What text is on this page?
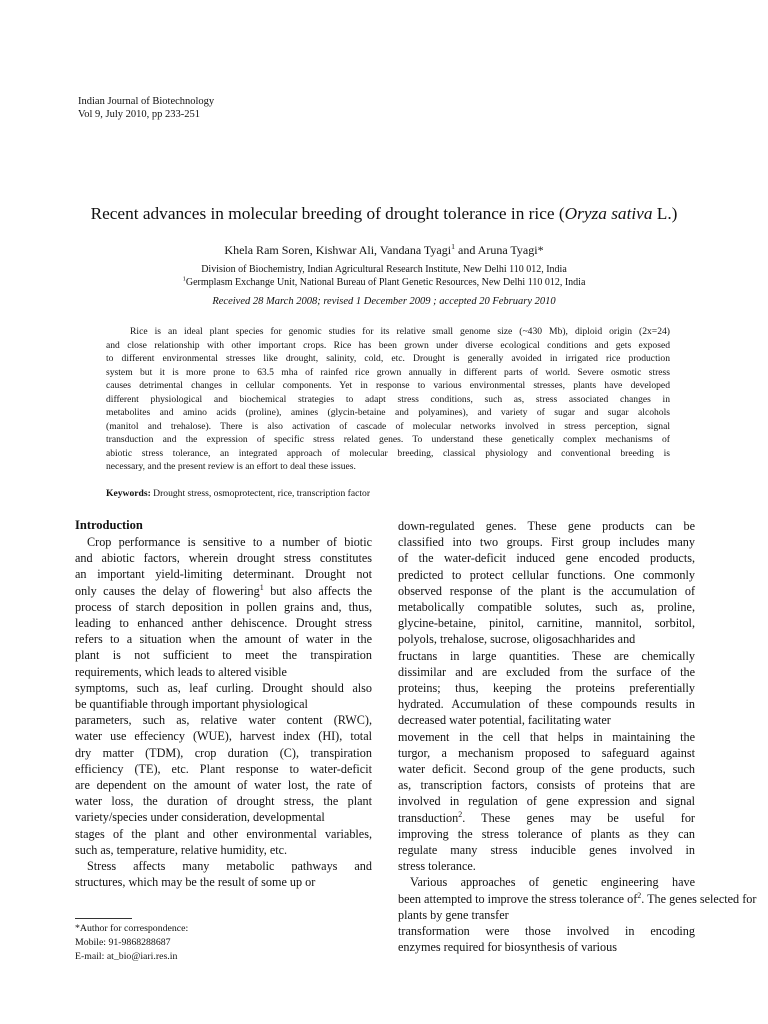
Indian Journal of Biotechnology
Vol 9, July 2010, pp 233-251
Recent advances in molecular breeding of drought tolerance in rice (Oryza sativa L.)
Khela Ram Soren, Kishwar Ali, Vandana Tyagi$^1$ and Aruna Tyagi*
Division of Biochemistry, Indian Agricultural Research Institute, New Delhi 110 012, India
$^1$Germplasm Exchange Unit, National Bureau of Plant Genetic Resources, New Delhi 110 012, India
Received 28 March 2008; revised 1 December 2009 ; accepted 20 February 2010
Rice is an ideal plant species for genomic studies for its relative small genome size (~430 Mb), diploid origin (2x=24)
and close relationship with other important crops. Rice has been grown under diverse ecological conditions and gets exposed
to different environmental stresses like drought, salinity, cold, etc. Drought is generally avoided in irrigated rice production
system but it is more prone to 63.5 mha of rainfed rice grown annually in different parts of world. Severe osmotic stress
causes detrimental changes in cellular components. Yet in response to various environmental stresses, plants have developed
different physiological and biochemical strategies to adapt stress conditions, such as, stress associated changes in
metabolites and amino acids (proline), amines (glycin-betaine and polyamines), and variety of sugar and sugar alcohols
(manitol and trehalose). There is also activation of cascade of molecular networks involved in stress perception, signal
transduction and the expression of specific stress related genes. To understand these genetically complex mechanisms of
abiotic stress tolerance, an integrated approach of molecular breeding, classical physiology and conventional breeding is
necessary, and the present review is an effort to deal these issues.
Keywords: Drought stress, osmoprotectent, rice, transcription factor
Introduction
Crop performance is sensitive to a number of biotic
and abiotic factors, wherein drought stress constitutes
an important yield-limiting determinant. Drought not
only causes the delay of flowering$^1$ but also affects the
process of starch deposition in pollen grains and, thus,
leading to enhanced anther dehiscence. Drought stress
refers to a situation when the amount of water in the
plant is not sufficient to meet the transpiration
requirements, which leads to altered visible
symptoms, such as, leaf curling. Drought should also
be quantifiable through important physiological
parameters, such as, relative water content (RWC),
water use effeciency (WUE), harvest index (HI), total
dry matter (TDM), crop duration (C), transpiration
efficiency (TE), etc. Plant response to water-deficit
are dependent on the amount of water lost, the rate of
water loss, the duration of drought stress, the plant
variety/species under consideration, developmental
stages of the plant and other environmental variables,
such as, temperature, relative humidity, etc.
Stress affects many metabolic pathways and
structures, which may be the result of some up or
down-regulated genes. These gene products can be
classified into two groups. First group includes many
of the water-deficit induced gene encoded products,
predicted to protect cellular functions. One commonly
observed response of the plant is the accumulation of
metabolically compatible solutes, such as, proline,
glycine-betaine, pinitol, carnitine, mannitol, sorbitol,
polyols, trehalose, sucrose, oligosachharides and
fructans in large quantities. These are chemically
dissimilar and are excluded from the surface of the
proteins; thus, keeping the proteins preferentially
hydrated. Accumulation of these compounds results in
decreased water potential, facilitating water
movement in the cell that helps in maintaining the
turgor, a mechanism proposed to safeguard against
water deficit. Second group of the gene products, such
as, transcription factors, consists of proteins that are
involved in regulation of gene expression and signal
transduction$^2$. These genes may be useful for
improving the stress tolerance of plants as they can
regulate many stress inducible genes involved in
stress tolerance.
Various approaches of genetic engineering have
been attempted to improve the stress tolerance $of^2$. The genes selected for
plants by gene transfer
transformation were those involved in encoding
enzymes required for biosynthesis of various
*Author for correspondence:
Mobile: 91-9868288687
E-mail: at_bio@iari.res.in
